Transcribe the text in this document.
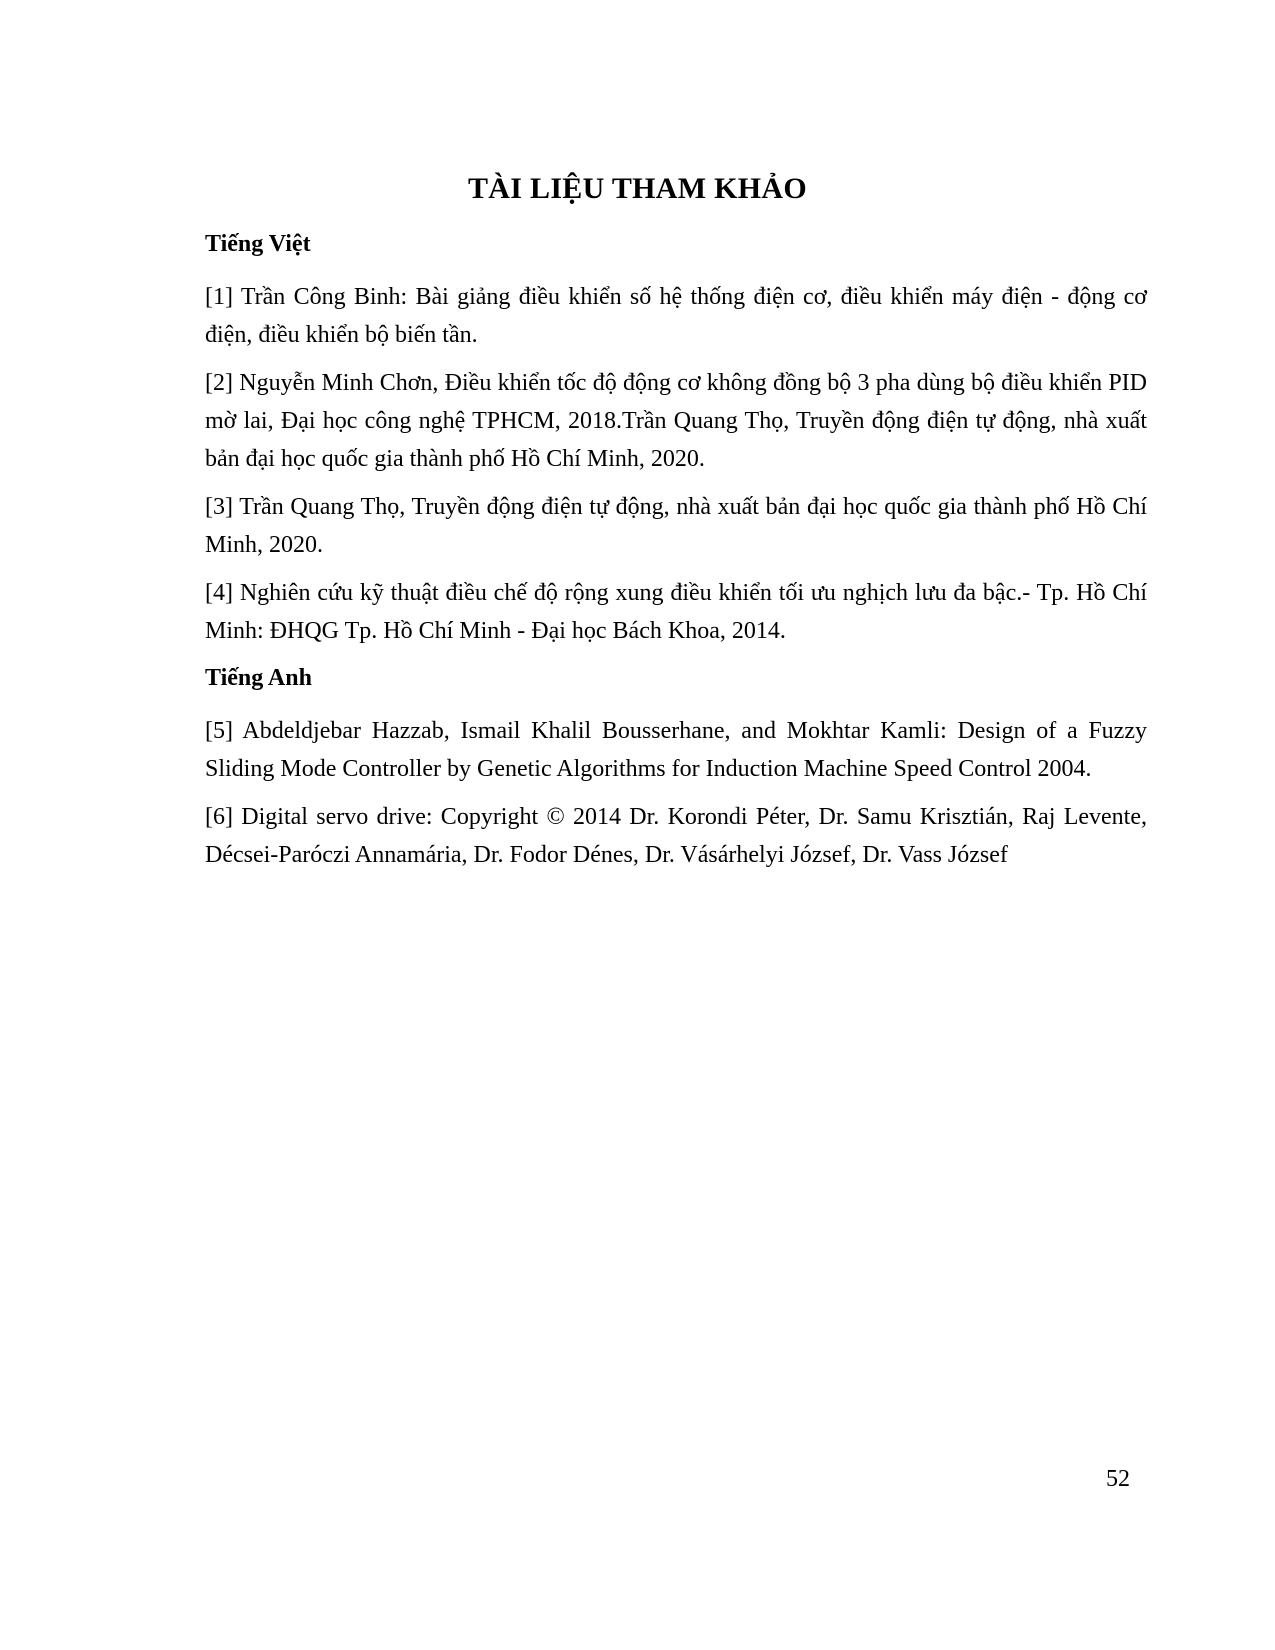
TÀI LIỆU THAM KHẢO
Tiếng Việt

[1] Trần Công Binh: Bài giảng điều khiển số hệ thống điện cơ, điều khiển máy điện - động cơ điện, điều khiển bộ biến tần.

[2] Nguyễn Minh Chơn, Điều khiển tốc độ động cơ không đồng bộ 3 pha dùng bộ điều khiển PID mờ lai, Đại học công nghệ TPHCM, 2018.Trần Quang Thọ, Truyền động điện tự động, nhà xuất bản đại học quốc gia thành phố Hồ Chí Minh, 2020.

[3] Trần Quang Thọ, Truyền động điện tự động, nhà xuất bản đại học quốc gia thành phố Hồ Chí Minh, 2020.

[4] Nghiên cứu kỹ thuật điều chế độ rộng xung điều khiển tối ưu nghịch lưu đa bậc.- Tp. Hồ Chí Minh: ĐHQG Tp. Hồ Chí Minh - Đại học Bách Khoa, 2014.

Tiếng Anh

[5] Abdeldjebar Hazzab, Ismail Khalil Bousserhane, and Mokhtar Kamli: Design of a Fuzzy Sliding Mode Controller by Genetic Algorithms for Induction Machine Speed Control 2004.

[6] Digital servo drive: Copyright © 2014 Dr. Korondi Péter, Dr. Samu Krisztián, Raj Levente, Décsei-Paróczi Annamária, Dr. Fodor Dénes, Dr. Vásárhelyi József, Dr. Vass József

52
